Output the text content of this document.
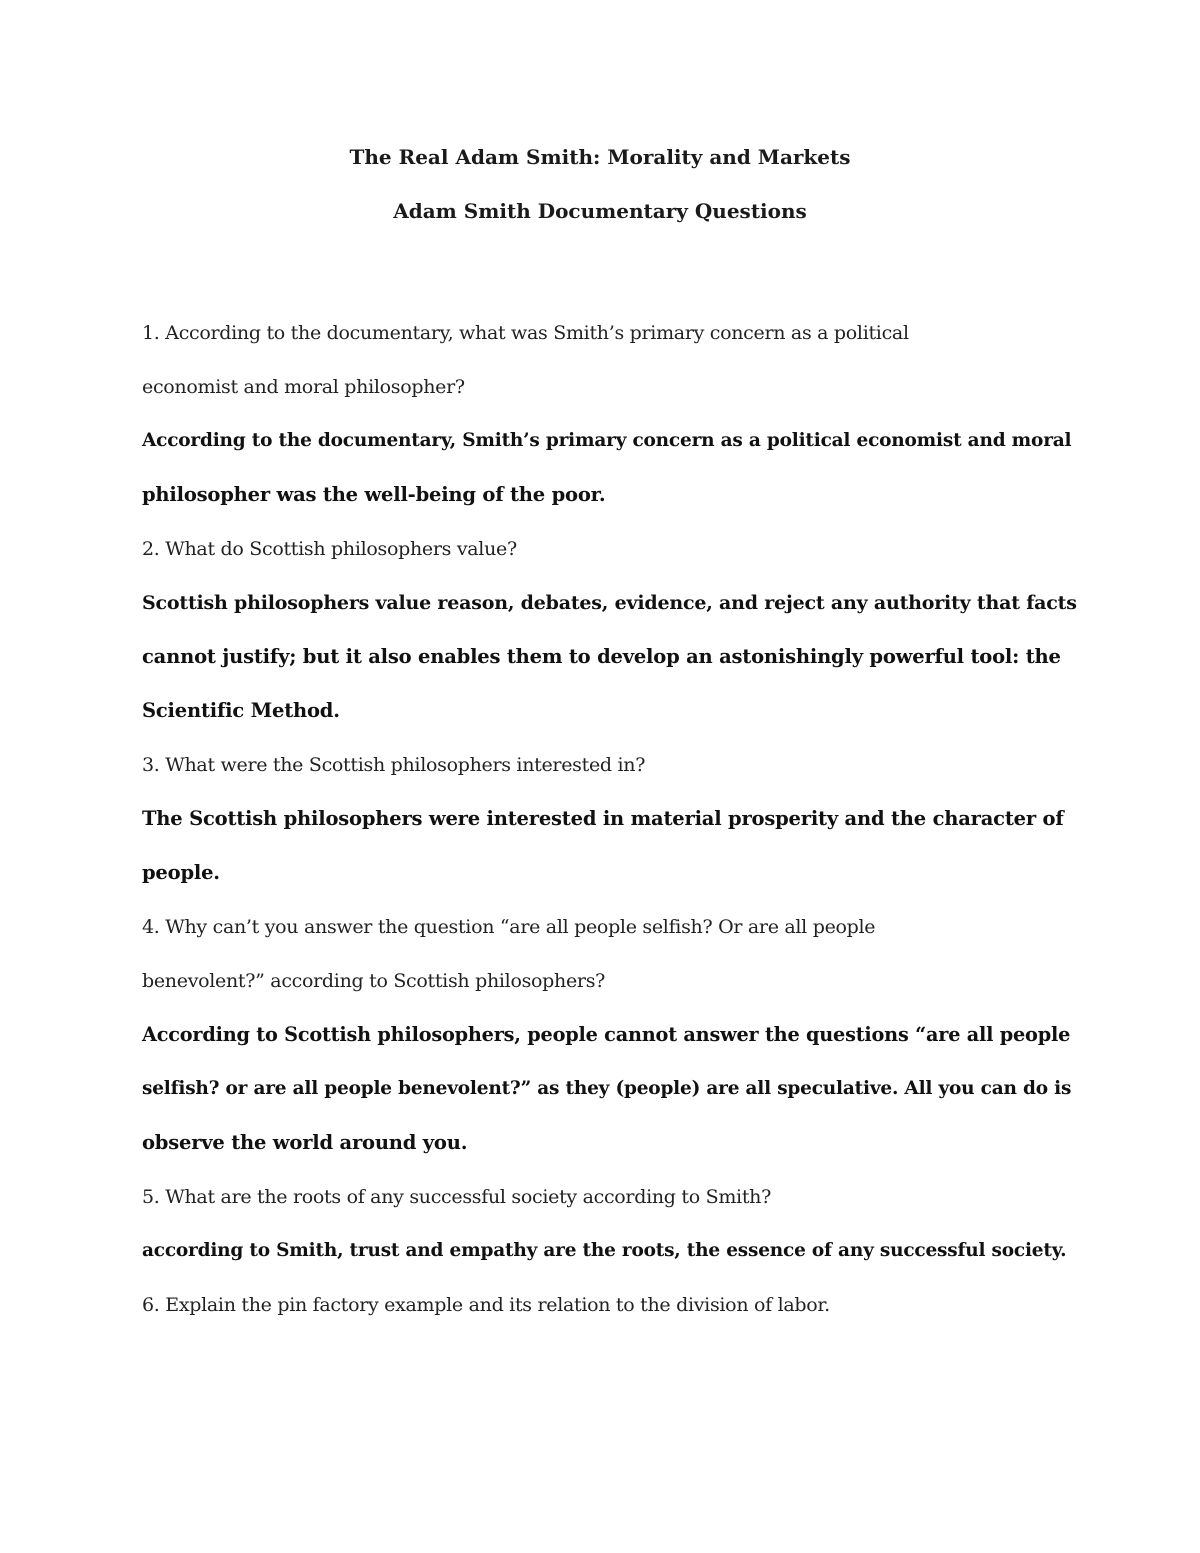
The Real Adam Smith: Morality and Markets
Adam Smith Documentary Questions
1. According to the documentary, what was Smith’s primary concern as a political
economist and moral philosopher?
According to the documentary, Smith’s primary concern as a political economist and moral
philosopher was the well-being of the poor.
2. What do Scottish philosophers value?
Scottish philosophers value reason, debates, evidence, and reject any authority that facts
cannot justify; but it also enables them to develop an astonishingly powerful tool: the
Scientific Method.
3. What were the Scottish philosophers interested in?
The Scottish philosophers were interested in material prosperity and the character of
people.
4. Why can’t you answer the question “are all people selfish? Or are all people
benevolent?” according to Scottish philosophers?
According to Scottish philosophers, people cannot answer the questions “are all people
selfish? or are all people benevolent?” as they (people) are all speculative. All you can do is
observe the world around you.
5. What are the roots of any successful society according to Smith?
according to Smith, trust and empathy are the roots, the essence of any successful society.
6. Explain the pin factory example and its relation to the division of labor.
